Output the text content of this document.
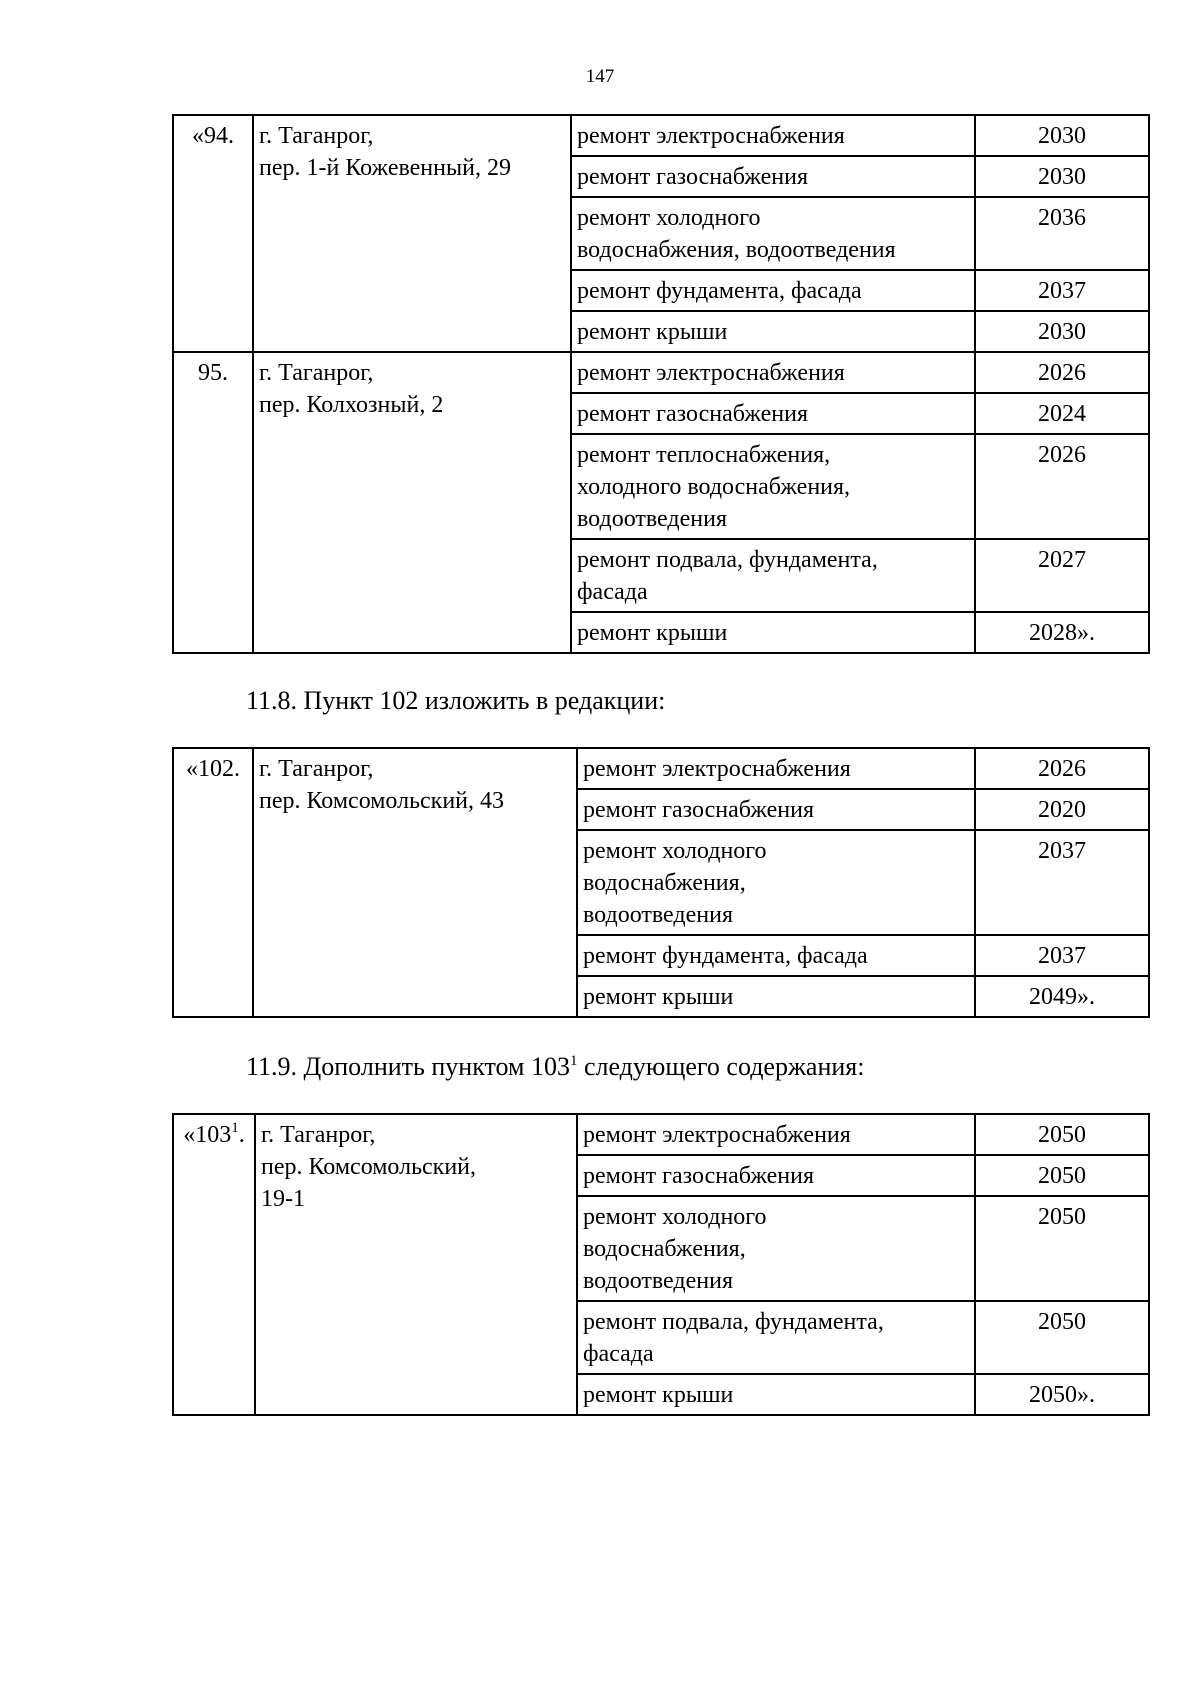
147
«94.	г. Таганрог,
пер. 1-й Кожевенный, 29	ремонт электроснабжения	2030
		ремонт газоснабжения	2030
		ремонт холодного
водоснабжения, водоотведения	2036
		ремонт фундамента, фасада	2037
		ремонт крыши	2030
95.	г. Таганрог,
пер. Колхозный, 2	ремонт электроснабжения	2026
		ремонт газоснабжения	2024
		ремонт теплоснабжения,
холодного водоснабжения,
водоотведения	2026
		ремонт подвала, фундамента,
фасада	2027
		ремонт крыши	2028».
11.8. Пункт 102 изложить в редакции:
«102.	г. Таганрог,
пер. Комсомольский, 43	ремонт электроснабжения	2026
		ремонт газоснабжения	2020
		ремонт холодного
водоснабжения,
водоотведения	2037
		ремонт фундамента, фасада	2037
		ремонт крыши	2049».
11.9. Дополнить пунктом $103^1$ следующего содержания:
«$103^1$.	г. Таганрог,
пер. Комсомольский,
19-1	ремонт электроснабжения	2050
		ремонт газоснабжения	2050
		ремонт холодного
водоснабжения,
водоотведения	2050
		ремонт подвала, фундамента,
фасада	2050
		ремонт крыши	2050».
